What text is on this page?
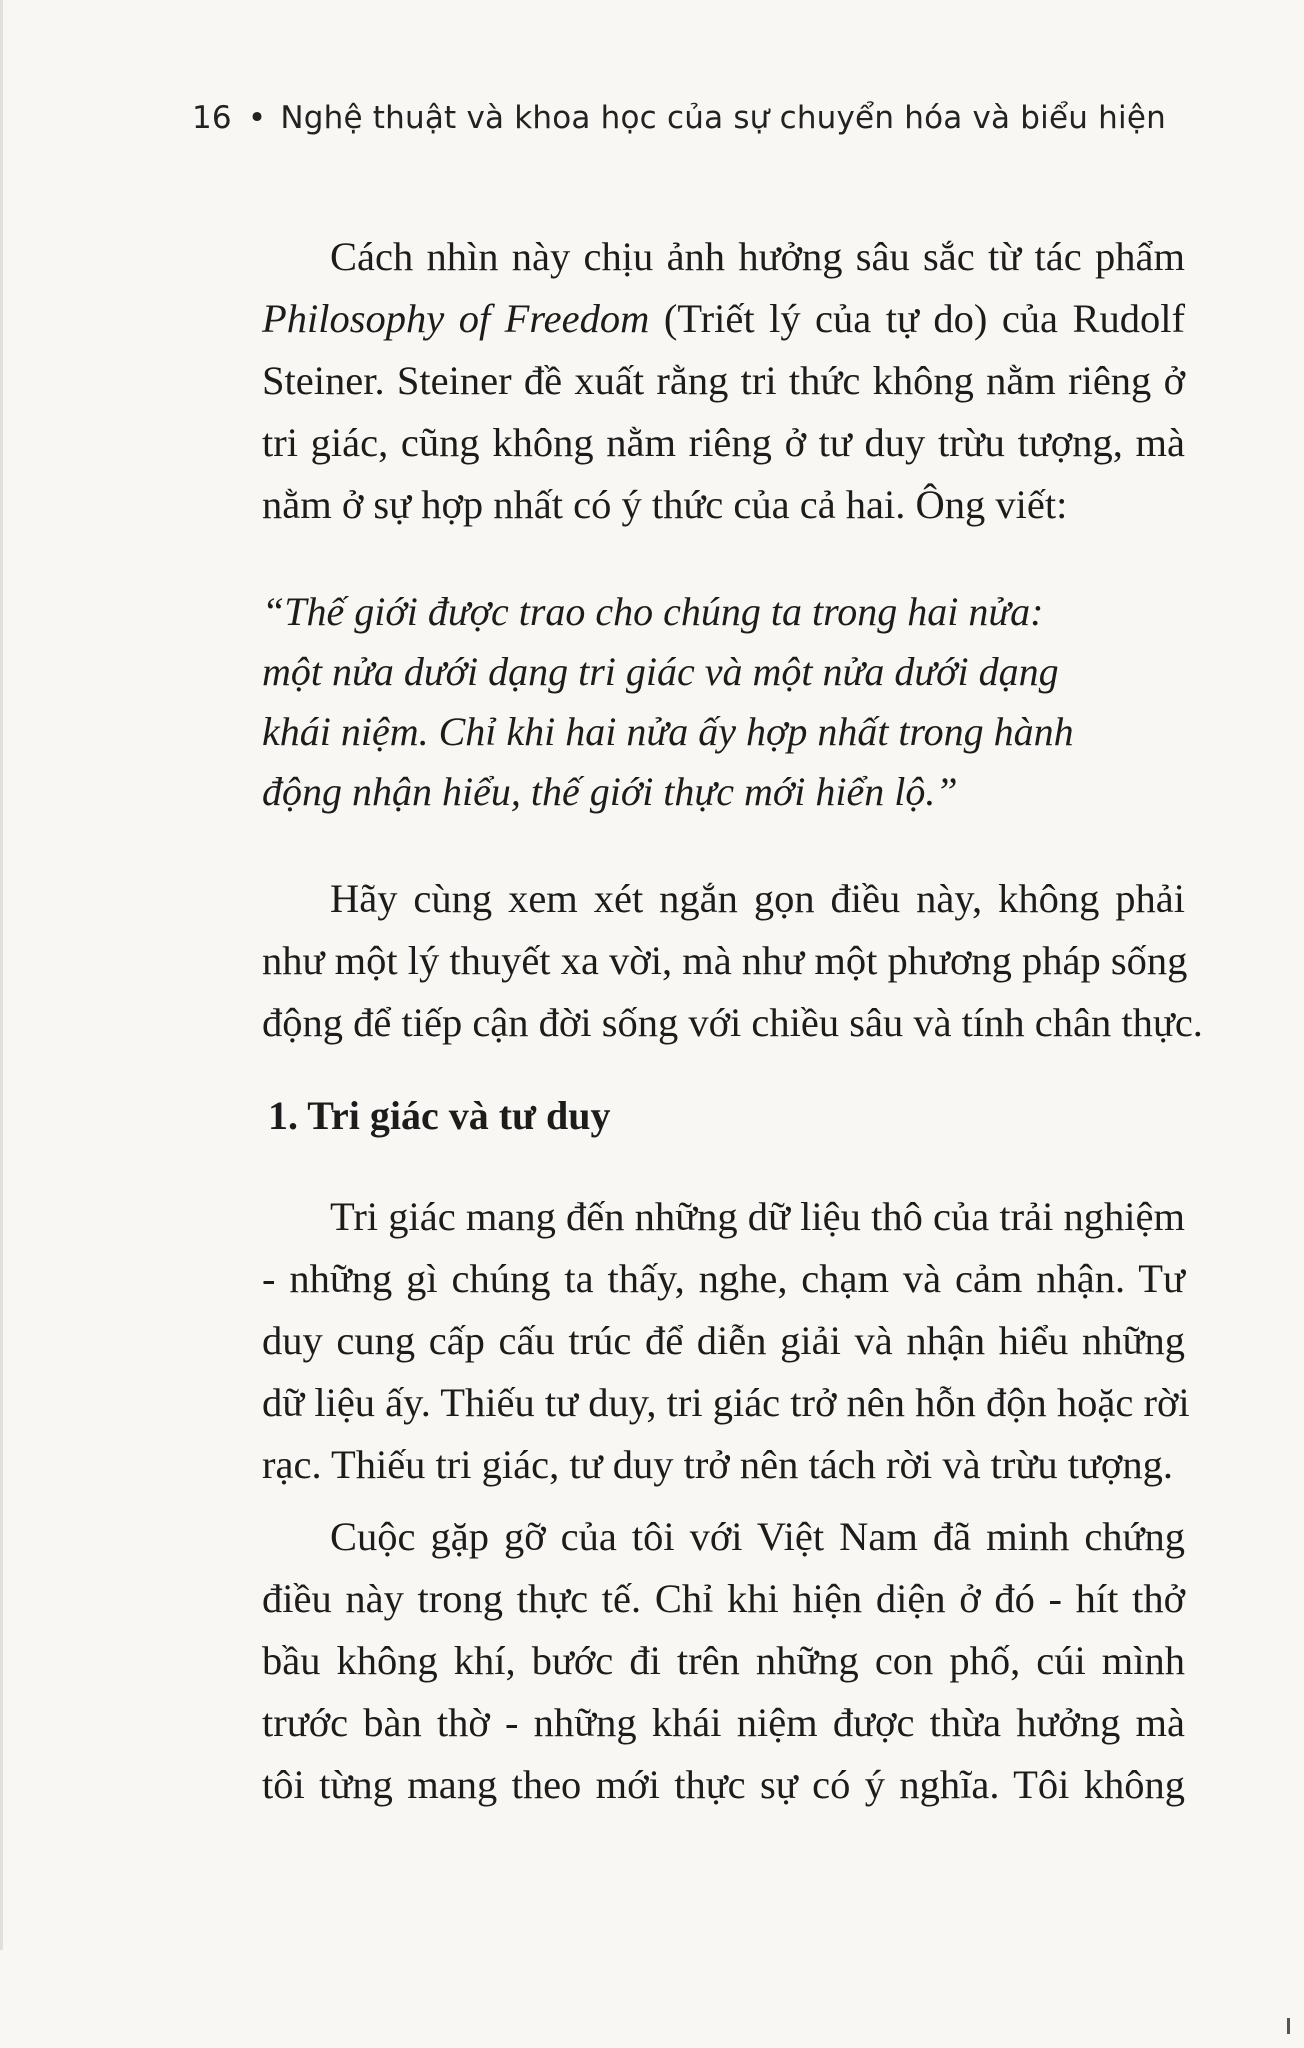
16 • Nghệ thuật và khoa học của sự chuyển hóa và biểu hiện
Cách nhìn này chịu ảnh hưởng sâu sắc từ tác phẩm
Philosophy of Freedom (Triết lý của tự do) của Rudolf
Steiner. Steiner đề xuất rằng tri thức không nằm riêng ở
tri giác, cũng không nằm riêng ở tư duy trừu tượng, mà
nằm ở sự hợp nhất có ý thức của cả hai. Ông viết:
“Thế giới được trao cho chúng ta trong hai nửa:
một nửa dưới dạng tri giác và một nửa dưới dạng
khái niệm. Chỉ khi hai nửa ấy hợp nhất trong hành
động nhận hiểu, thế giới thực mới hiển lộ.”
Hãy cùng xem xét ngắn gọn điều này, không phải
như một lý thuyết xa vời, mà như một phương pháp sống
động để tiếp cận đời sống với chiều sâu và tính chân thực.
1. Tri giác và tư duy
Tri giác mang đến những dữ liệu thô của trải nghiệm
- những gì chúng ta thấy, nghe, chạm và cảm nhận. Tư
duy cung cấp cấu trúc để diễn giải và nhận hiểu những
dữ liệu ấy. Thiếu tư duy, tri giác trở nên hỗn độn hoặc rời
rạc. Thiếu tri giác, tư duy trở nên tách rời và trừu tượng.
Cuộc gặp gỡ của tôi với Việt Nam đã minh chứng
điều này trong thực tế. Chỉ khi hiện diện ở đó - hít thở
bầu không khí, bước đi trên những con phố, cúi mình
trước bàn thờ - những khái niệm được thừa hưởng mà
tôi từng mang theo mới thực sự có ý nghĩa. Tôi không
